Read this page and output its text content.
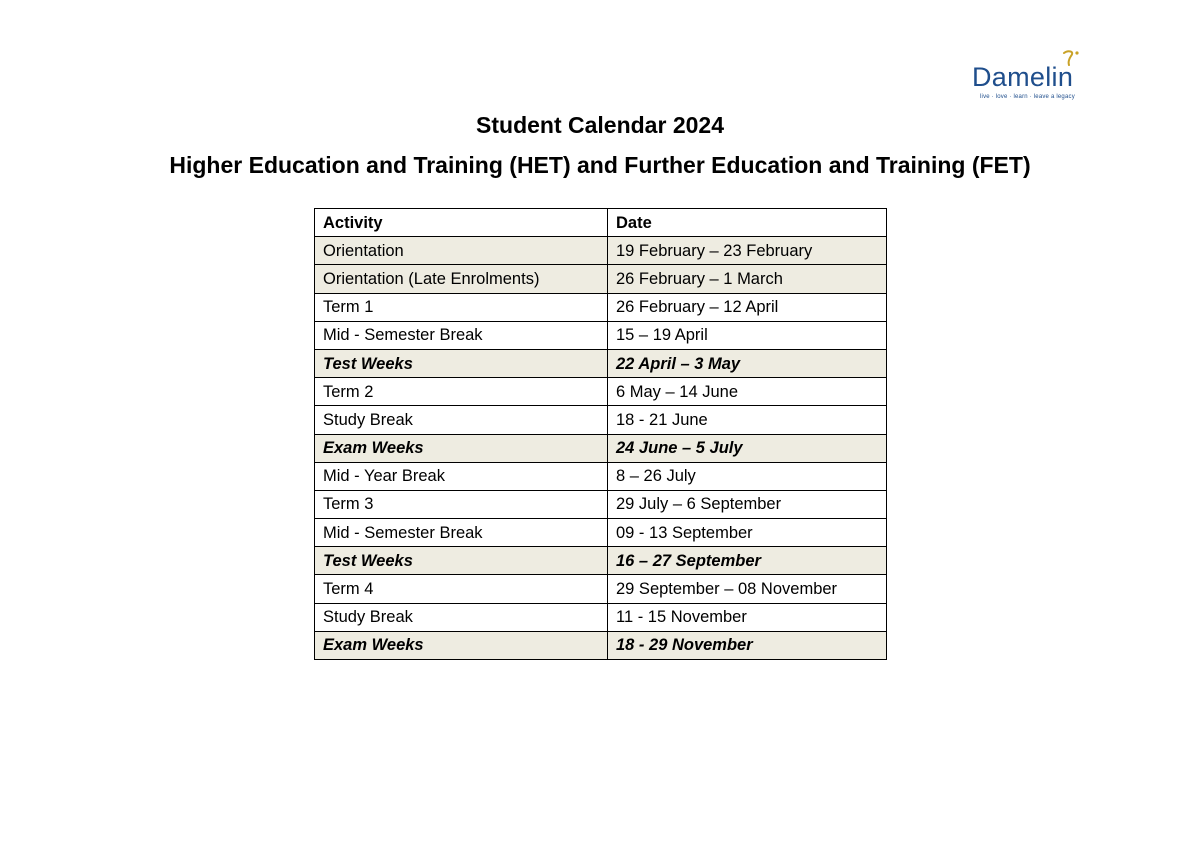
Damelin
live · love · learn · leave a legacy
Student Calendar 2024
Higher Education and Training (HET) and Further Education and Training (FET)
Activity	Date
Orientation	19 February – 23 February
Orientation (Late Enrolments)	26 February – 1 March
Term 1	26 February – 12 April
Mid - Semester Break	15 – 19 April
Test Weeks	22 April – 3 May
Term 2	6 May – 14 June
Study Break	18 - 21 June
Exam Weeks	24 June – 5 July
Mid - Year Break	8 – 26 July
Term 3	29 July – 6 September
Mid - Semester Break	09 - 13 September
Test Weeks	16 – 27 September
Term 4	29 September – 08 November
Study Break	11 - 15 November
Exam Weeks	18 - 29 November
